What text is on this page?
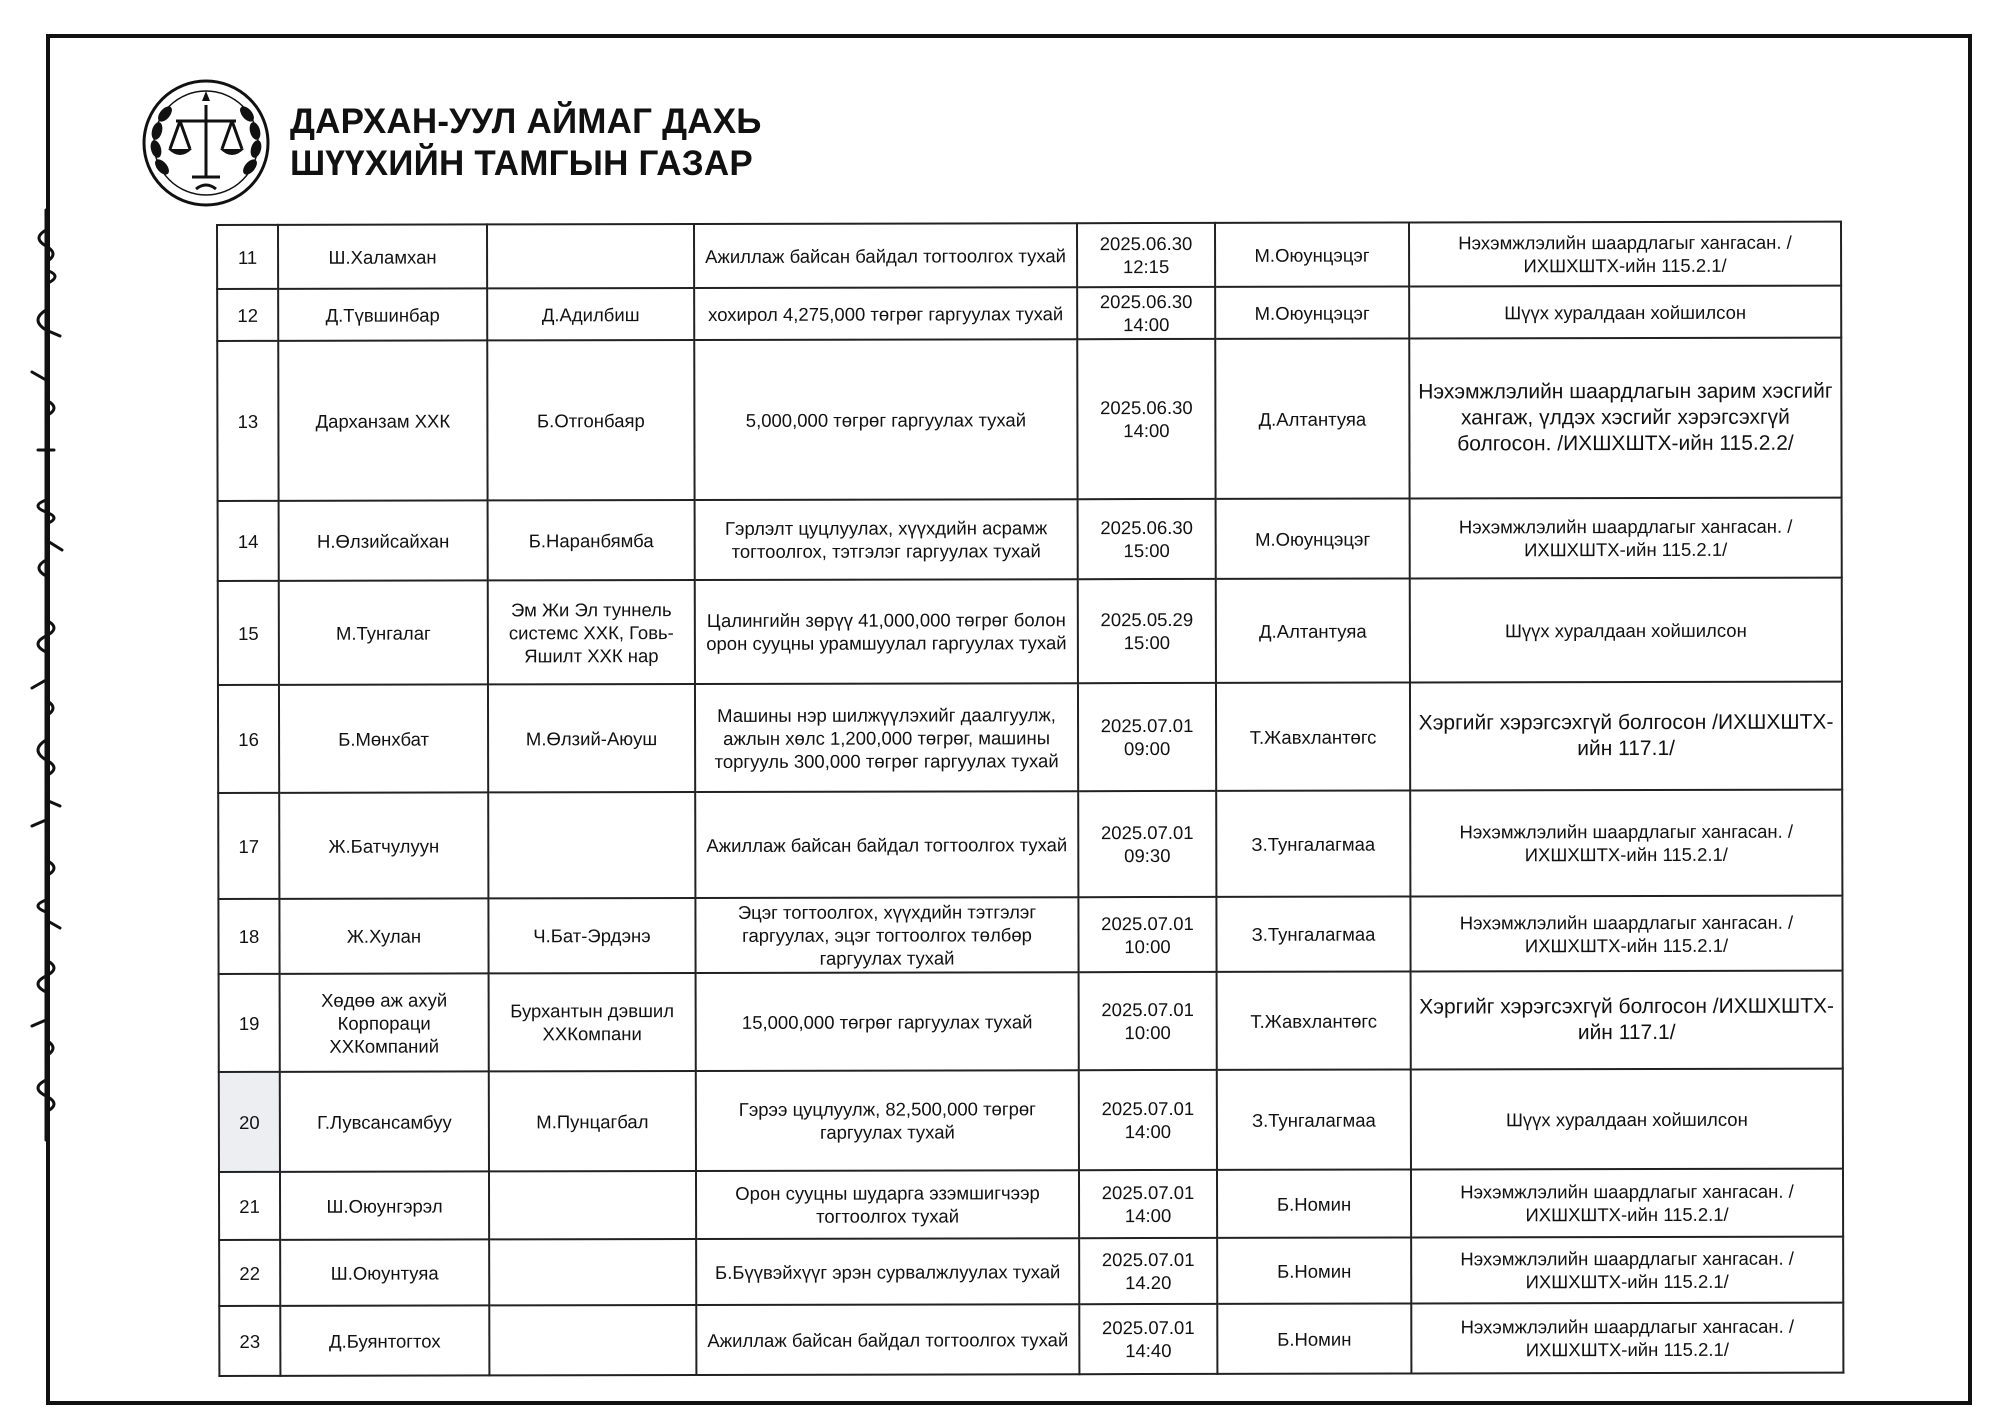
ДАРХАН-УУЛ АЙМАГ ДАХЬ
ШҮҮХИЙН ТАМГЫН ГАЗАР
11	Ш.Халамхан		Ажиллаж байсан байдал тогтоолгох тухай	2025.06.30 12:15	М.Оюунцэцэг	Нэхэмжлэлийн шаардлагыг хангасан. /ИХШХШТХ-ийн 115.2.1/
12	Д.Түвшинбар	Д.Адилбиш	хохирол 4,275,000 төгрөг гаргуулах тухай	2025.06.30 14:00	М.Оюунцэцэг	Шүүх хуралдаан хойшилсон
13	Дарханзам ХХК	Б.Отгонбаяр	5,000,000 төгрөг гаргуулах тухай	2025.06.30 14:00	Д.Алтантуяа	Нэхэмжлэлийн шаардлагын зарим хэсгийг хангаж, үлдэх хэсгийг хэрэгсэхгүй болгосон. /ИХШХШТХ-ийн 115.2.2/
14	Н.Өлзийсайхан	Б.Наранбямба	Гэрлэлт цуцлуулах, хүүхдийн асрамж тогтоолгох, тэтгэлэг гаргуулах тухай	2025.06.30 15:00	М.Оюунцэцэг	Нэхэмжлэлийн шаардлагыг хангасан. /ИХШХШТХ-ийн 115.2.1/
15	М.Тунгалаг	Эм Жи Эл туннель системс ХХК, Говь-Яшилт ХХК нар	Цалингийн зөрүү 41,000,000 төгрөг болон орон сууцны урамшуулал гаргуулах тухай	2025.05.29 15:00	Д.Алтантуяа	Шүүх хуралдаан хойшилсон
16	Б.Мөнхбат	М.Өлзий-Аюуш	Машины нэр шилжүүлэхийг даалгуулж, ажлын хөлс 1,200,000 төгрөг, машины торгууль 300,000 төгрөг гаргуулах тухай	2025.07.01 09:00	Т.Жавхлантөгс	Хэргийг хэрэгсэхгүй болгосон /ИХШХШТХ-ийн 117.1/
17	Ж.Батчулуун		Ажиллаж байсан байдал тогтоолгох тухай	2025.07.01 09:30	З.Тунгалагмаа	Нэхэмжлэлийн шаардлагыг хангасан. /ИХШХШТХ-ийн 115.2.1/
18	Ж.Хулан	Ч.Бат-Эрдэнэ	Эцэг тогтоолгох, хүүхдийн тэтгэлэг гаргуулах, эцэг тогтоолгох төлбөр гаргуулах тухай	2025.07.01 10:00	З.Тунгалагмаа	Нэхэмжлэлийн шаардлагыг хангасан. /ИХШХШТХ-ийн 115.2.1/
19	Хөдөө аж ахуй Корпораци ХХКомпаний	Бурхантын дэвшил ХХКомпани	15,000,000 төгрөг гаргуулах тухай	2025.07.01 10:00	Т.Жавхлантөгс	Хэргийг хэрэгсэхгүй болгосон /ИХШХШТХ-ийн 117.1/
20	Г.Лувсансамбуу	М.Пунцагбал	Гэрээ цуцлуулж, 82,500,000 төгрөг гаргуулах тухай	2025.07.01 14:00	З.Тунгалагмаа	Шүүх хуралдаан хойшилсон
21	Ш.Оюунгэрэл		Орон сууцны шударга эзэмшигчээр тогтоолгох тухай	2025.07.01 14:00	Б.Номин	Нэхэмжлэлийн шаардлагыг хангасан. /ИХШХШТХ-ийн 115.2.1/
22	Ш.Оюунтуяа		Б.Бүүвэйхүүг эрэн сурвалжлуулах тухай	2025.07.01 14.20	Б.Номин	Нэхэмжлэлийн шаардлагыг хангасан. /ИХШХШТХ-ийн 115.2.1/
23	Д.Буянтогтох		Ажиллаж байсан байдал тогтоолгох тухай	2025.07.01 14:40	Б.Номин	Нэхэмжлэлийн шаардлагыг хангасан. /ИХШХШТХ-ийн 115.2.1/
